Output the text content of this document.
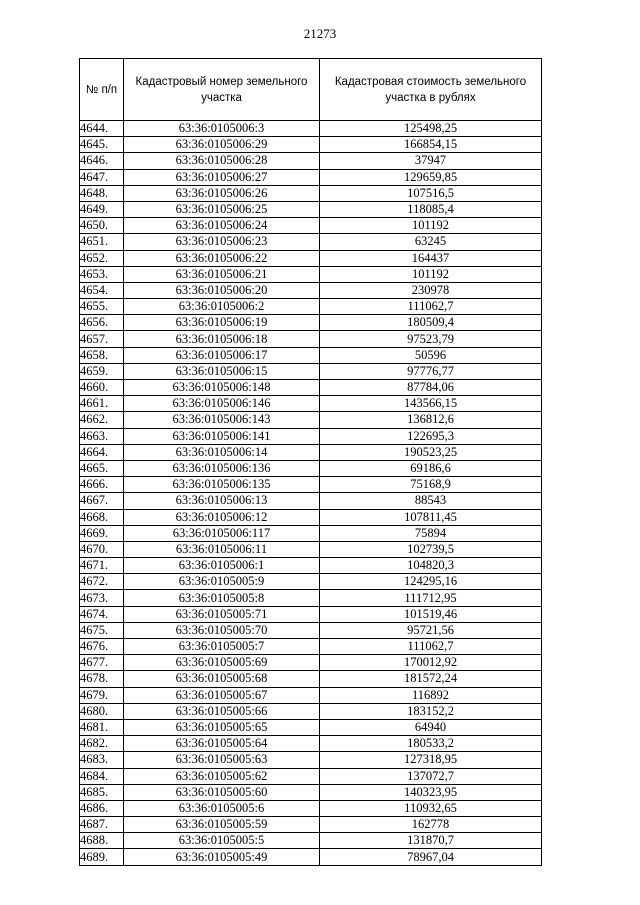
21273
№ п/п	Кадастровый номер земельного участка	Кадастровая стоимость земельного участка в рублях
4644.	63:36:0105006:3	125498,25
4645.	63:36:0105006:29	166854,15
4646.	63:36:0105006:28	37947
4647.	63:36:0105006:27	129659,85
4648.	63:36:0105006:26	107516,5
4649.	63:36:0105006:25	118085,4
4650.	63:36:0105006:24	101192
4651.	63:36:0105006:23	63245
4652.	63:36:0105006:22	164437
4653.	63:36:0105006:21	101192
4654.	63:36:0105006:20	230978
4655.	63:36:0105006:2	111062,7
4656.	63:36:0105006:19	180509,4
4657.	63:36:0105006:18	97523,79
4658.	63:36:0105006:17	50596
4659.	63:36:0105006:15	97776,77
4660.	63:36:0105006:148	87784,06
4661.	63:36:0105006:146	143566,15
4662.	63:36:0105006:143	136812,6
4663.	63:36:0105006:141	122695,3
4664.	63:36:0105006:14	190523,25
4665.	63:36:0105006:136	69186,6
4666.	63:36:0105006:135	75168,9
4667.	63:36:0105006:13	88543
4668.	63:36:0105006:12	107811,45
4669.	63:36:0105006:117	75894
4670.	63:36:0105006:11	102739,5
4671.	63:36:0105006:1	104820,3
4672.	63:36:0105005:9	124295,16
4673.	63:36:0105005:8	111712,95
4674.	63:36:0105005:71	101519,46
4675.	63:36:0105005:70	95721,56
4676.	63:36:0105005:7	111062,7
4677.	63:36:0105005:69	170012,92
4678.	63:36:0105005:68	181572,24
4679.	63:36:0105005:67	116892
4680.	63:36:0105005:66	183152,2
4681.	63:36:0105005:65	64940
4682.	63:36:0105005:64	180533,2
4683.	63:36:0105005:63	127318,95
4684.	63:36:0105005:62	137072,7
4685.	63:36:0105005:60	140323,95
4686.	63:36:0105005:6	110932,65
4687.	63:36:0105005:59	162778
4688.	63:36:0105005:5	131870,7
4689.	63:36:0105005:49	78967,04
